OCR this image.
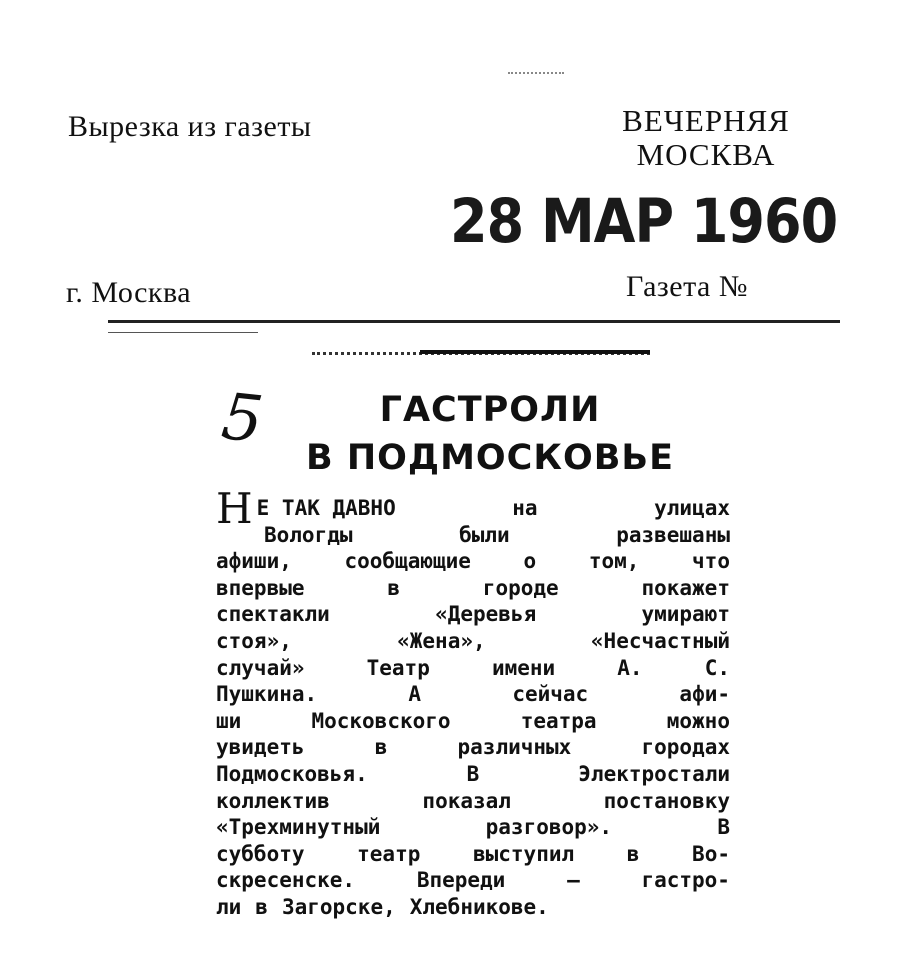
Вырезка из газеты	ВЕЧЕРНЯЯ
МОСКВА
28 МАР 1960
г. Москва	Газета №
5	ГАСТРОЛИ
В ПОДМОСКОВЬЕ
Н Е ТАК ДАВНО	на	улицах
Вологды	были	развешаны
афиши,	сообщающие	о	том,	что
впервые	в	городе	покажет
спектакли	«Деревья	умирают
стоя»,	«Жена»,	«Несчастный
случай»	Театр	имени	А.	С.
Пушкина.	А	сейчас	афи-
ши	Московского	театра	можно
увидеть	в	различных	городах
Подмосковья.	В	Электростали
коллектив	показал	постановку
«Трехминутный	разговор».	В
субботу	театр	выступил	в	Во-
скресенске.	Впереди	—	гастро-
ли в Загорске, Хлебникове.
